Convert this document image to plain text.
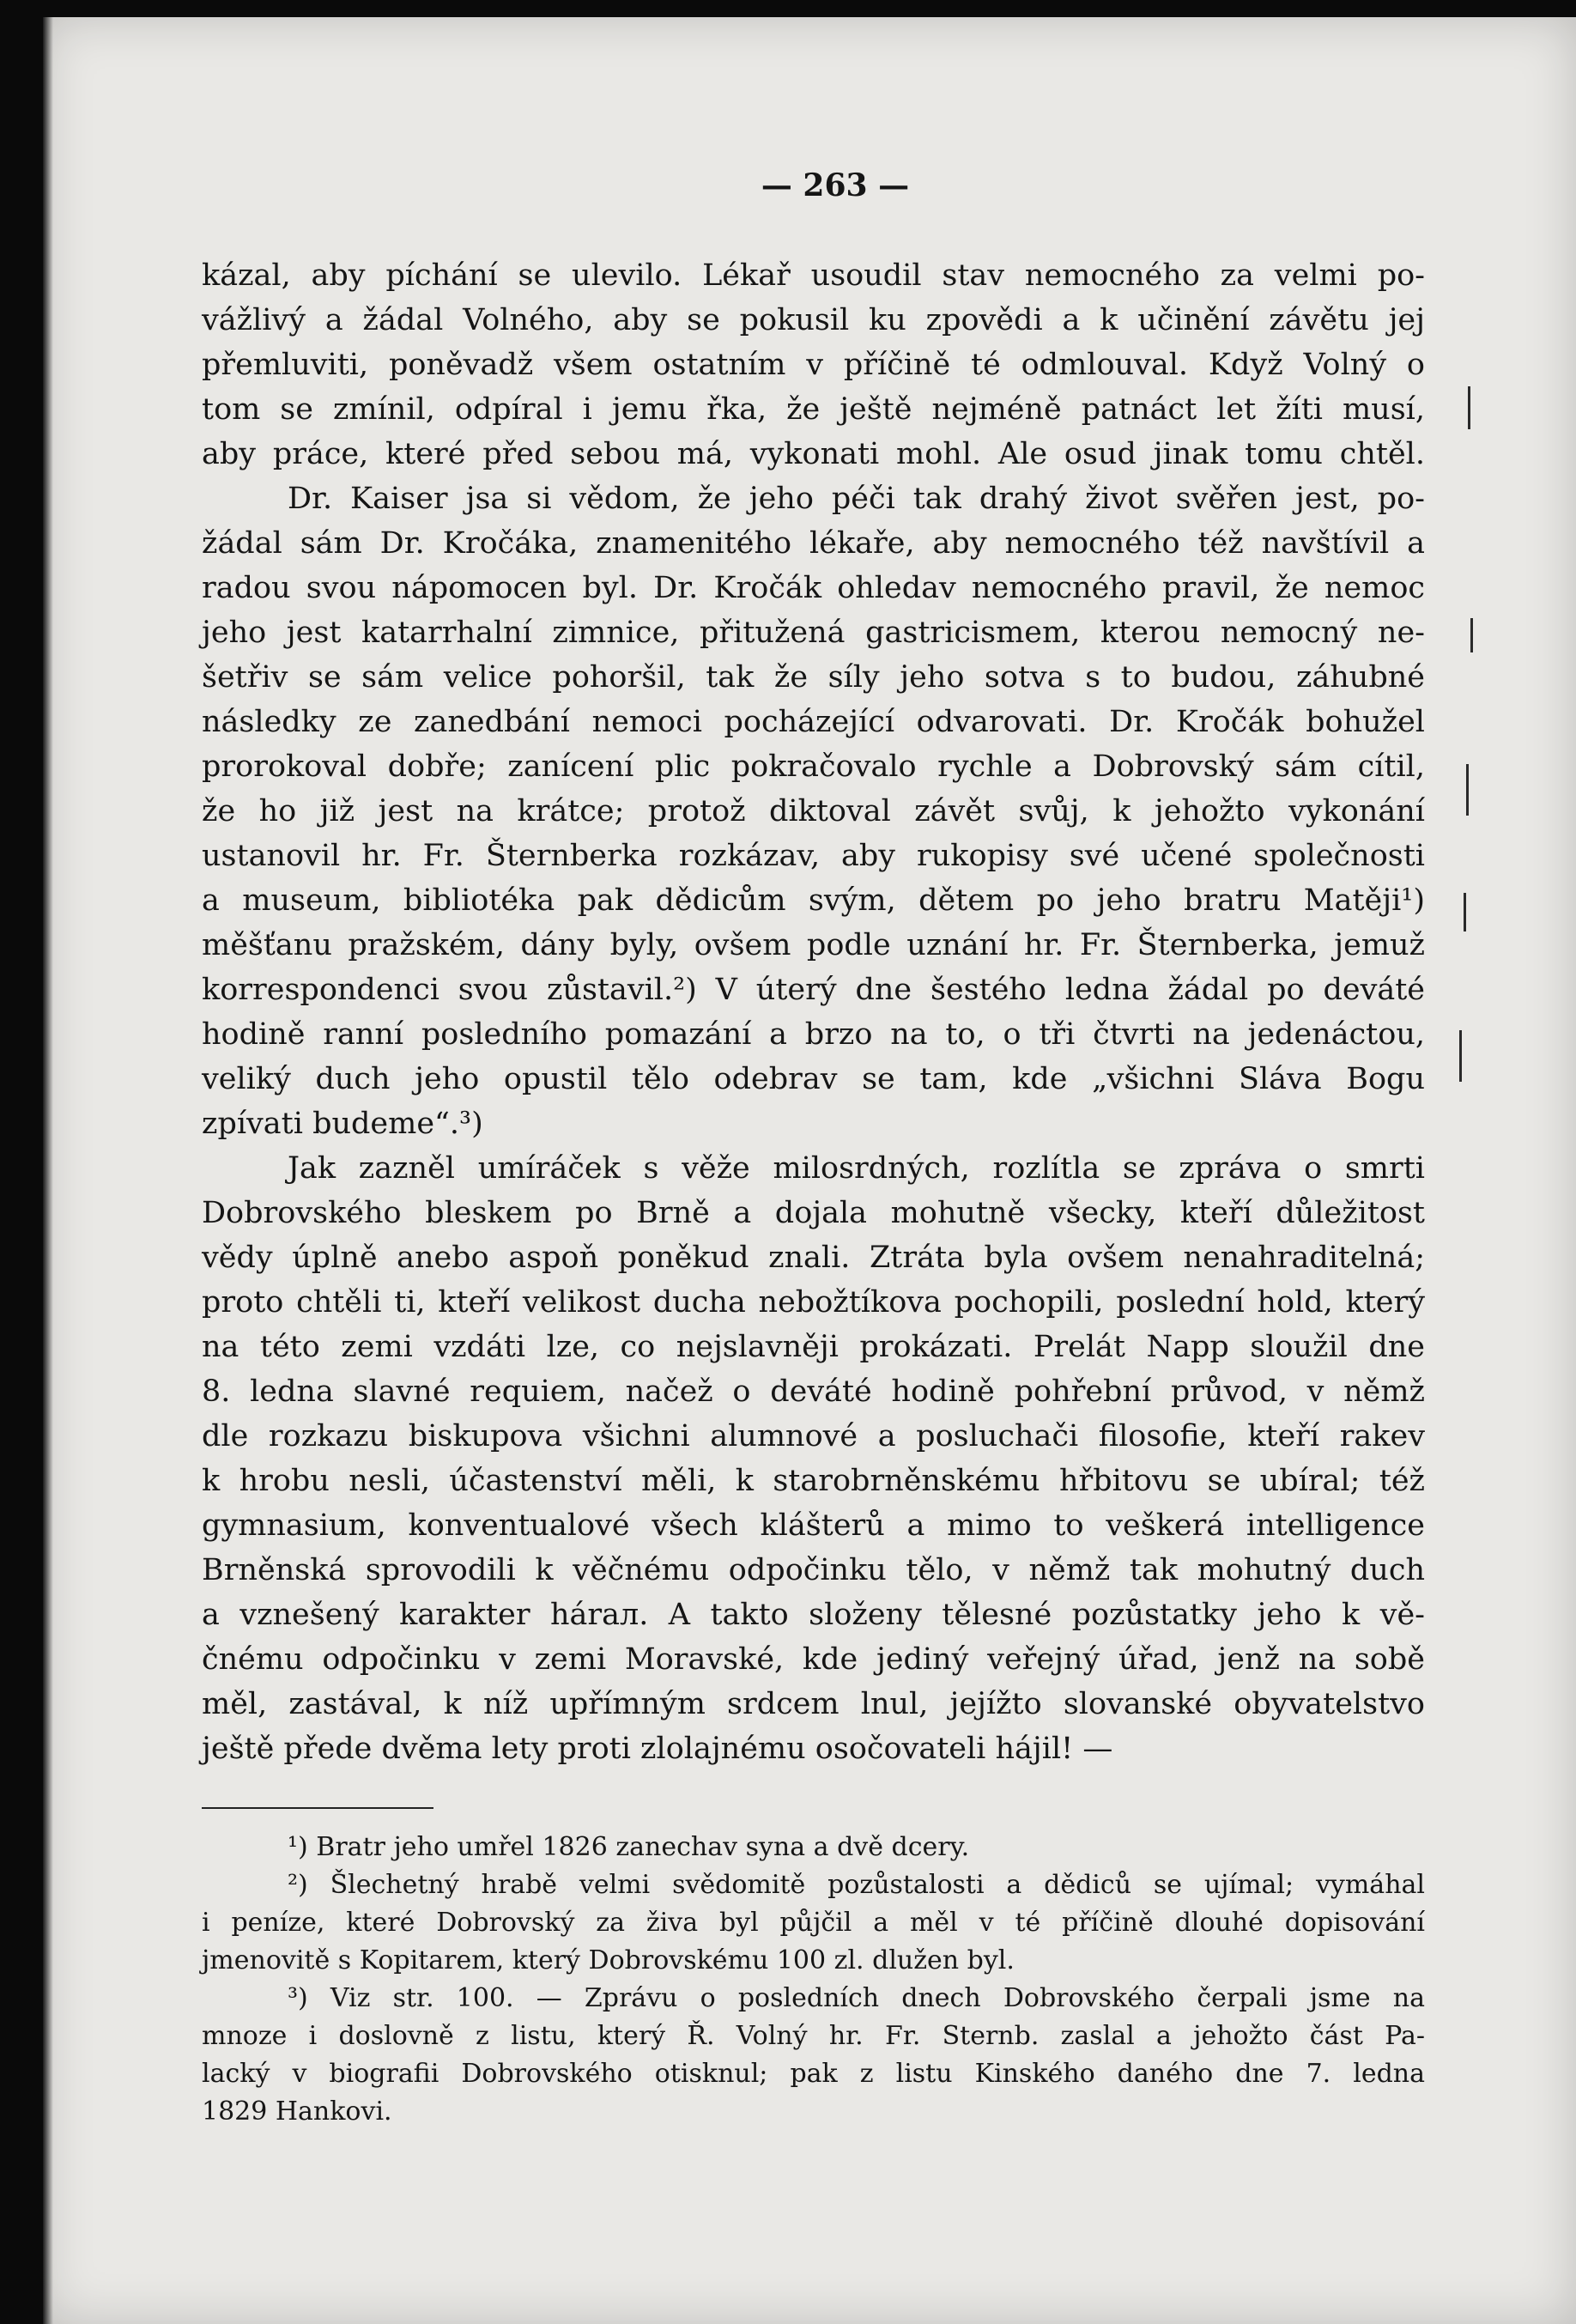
— 263 —
kázal, aby píchání se ulevilo. Lékař usoudil stav nemocného za velmi po-
vážlivý a žádal Volného, aby se pokusil ku zpovědi a k učinění závětu jej
přemluviti, poněvadž všem ostatním v příčině té odmlouval. Když Volný o
tom se zmínil, odpíral i jemu řka, že ještě nejméně patnáct let žíti musí,
aby práce, které před sebou má, vykonati mohl. Ale osud jinak tomu chtěl.
Dr. Kaiser jsa si vědom, že jeho péči tak drahý život svěřen jest, po-
žádal sám Dr. Kročáka, znamenitého lékaře, aby nemocného též navštívil a
radou svou nápomocen byl. Dr. Kročák ohledav nemocného pravil, že nemoc
jeho jest katarrhalní zimnice, přitužená gastricismem, kterou nemocný ne-
šetřiv se sám velice pohoršil, tak že síly jeho sotva s to budou, záhubné
následky ze zanedbání nemoci pocházející odvarovati. Dr. Kročák bohužel
prorokoval dobře; zanícení plic pokračovalo rychle a Dobrovský sám cítil,
že ho již jest na krátce; protož diktoval závět svůj, k jehožto vykonání
ustanovil hr. Fr. Šternberka rozkázav, aby rukopisy své učené společnosti
a museum, bibliotéka pak dědicům svým, dětem po jeho bratru Matěji¹)
měšťanu pražském, dány byly, ovšem podle uznání hr. Fr. Šternberka, jemuž
korrespondenci svou zůstavil.²) V úterý dne šestého ledna žádal po deváté
hodině ranní posledního pomazání a brzo na to, o tři čtvrti na jedenáctou,
veliký duch jeho opustil tělo odebrav se tam, kde „všichni Sláva Bogu
zpívati budeme“.³)
Jak zazněl umíráček s věže milosrdných, rozlítla se zpráva o smrti
Dobrovského bleskem po Brně a dojala mohutně všecky, kteří důležitost
vědy úplně anebo aspoň poněkud znali. Ztráta byla ovšem nenahraditelná;
proto chtěli ti, kteří velikost ducha nebožtíkova pochopili, poslední hold, který
na této zemi vzdáti lze, co nejslavněji prokázati. Prelát Napp sloužil dne
8. ledna slavné requiem, načež o deváté hodině pohřební průvod, v němž
dle rozkazu biskupova všichni alumnové a posluchači filosofie, kteří rakev
k hrobu nesli, účastenství měli, k starobrněnskému hřbitovu se ubíral; též
gymnasium, konventualové všech klášterů a mimo to veškerá intelligence
Brněnská sprovodili k věčnému odpočinku tělo, v němž tak mohutný duch
a vznešený karakter hárал. A takto složeny tělesné pozůstatky jeho k vě-
čnému odpočinku v zemi Moravské, kde jediný veřejný úřad, jenž na sobě
měl, zastával, k níž upřímným srdcem lnul, jejížto slovanské obyvatelstvo
ještě přede dvěma lety proti zlolajnému osočovateli hájil! —
¹) Bratr jeho umřel 1826 zanechav syna a dvě dcery.
²) Šlechetný hrabě velmi svědomitě pozůstalosti a dědiců se ujímal; vymáhal
i peníze, které Dobrovský za živa byl půjčil a měl v té příčině dlouhé dopisování
jmenovitě s Kopitarem, který Dobrovskému 100 zl. dlužen byl.
³) Viz str. 100. — Zprávu o posledních dnech Dobrovského čerpali jsme na
mnoze i doslovně z listu, který Ř. Volný hr. Fr. Sternb. zaslal a jehožto část Pa-
lacký v biografii Dobrovského otisknul; pak z listu Kinského daného dne 7. ledna
1829 Hankovi.
